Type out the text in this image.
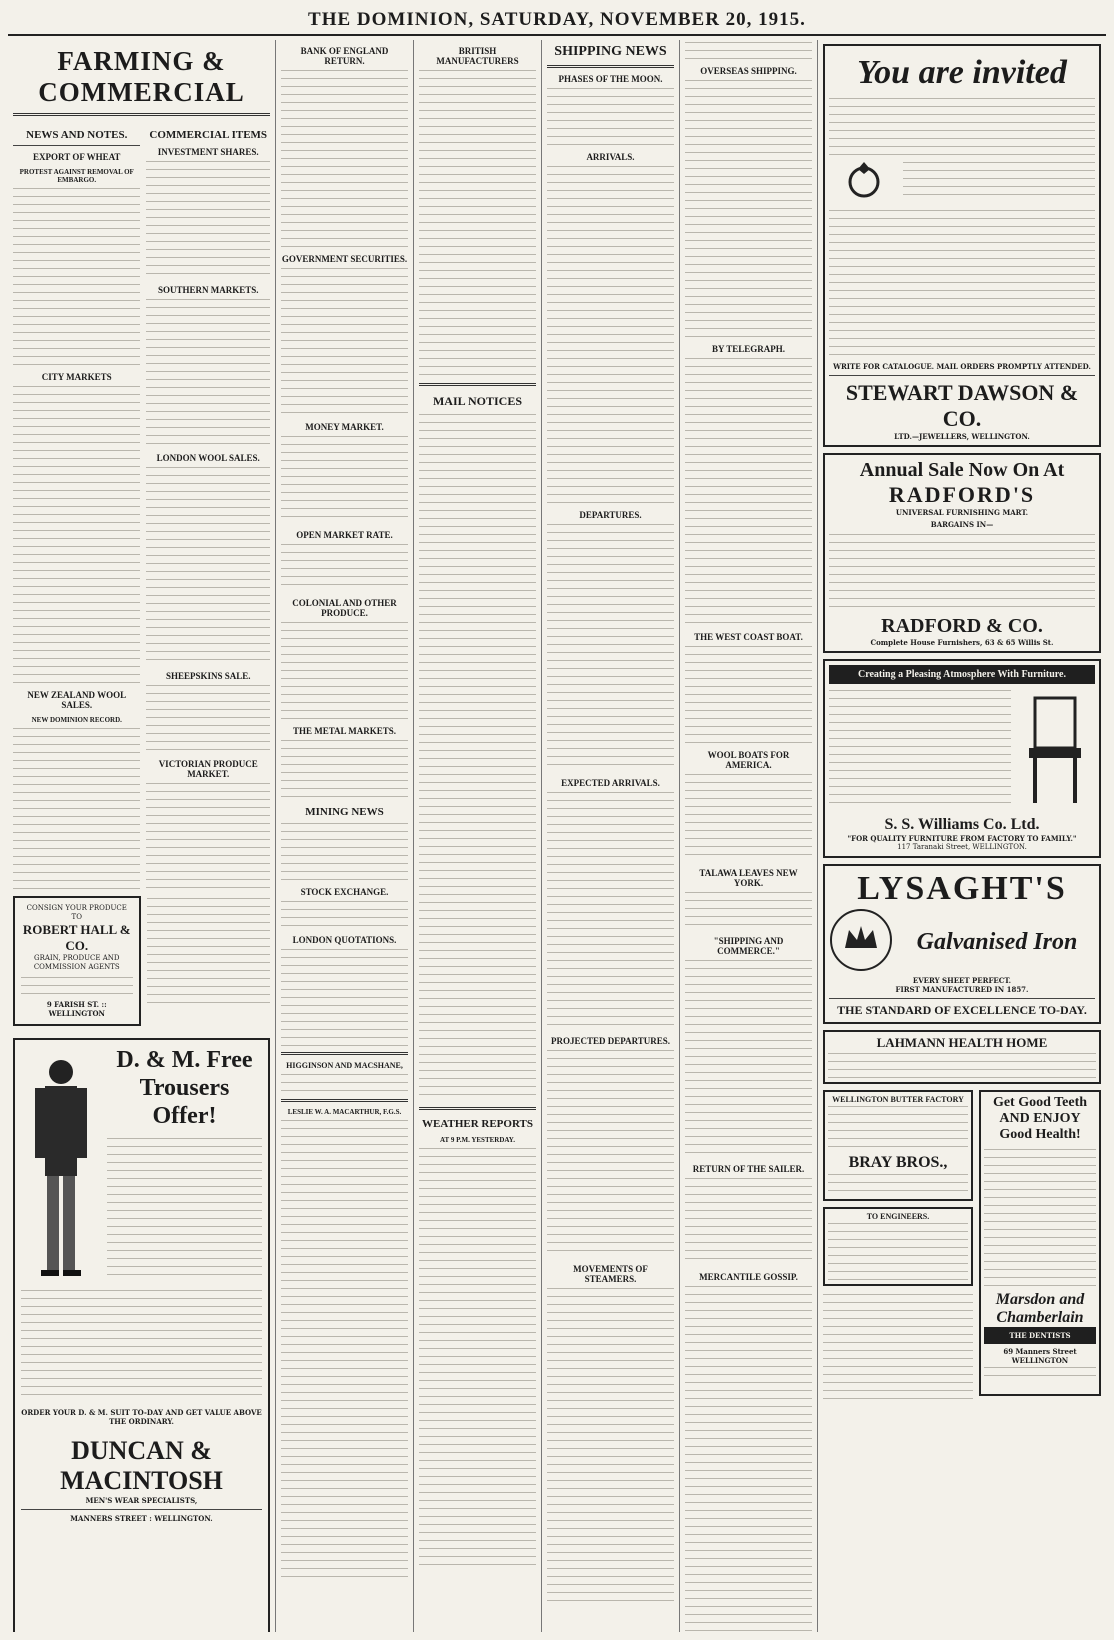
THE DOMINION, SATURDAY, NOVEMBER 20, 1915.
FARMING & COMMERCIAL
NEWS AND NOTES.
EXPORT OF WHEAT
PROTEST AGAINST REMOVAL OF EMBARGO.
CITY MARKETS
NEW ZEALAND WOOL SALES.
NEW DOMINION RECORD.
COMMERCIAL ITEMS
INVESTMENT SHARES.
SOUTHERN MARKETS.
LONDON WOOL SALES.
SHEEPSKINS SALE.
VICTORIAN PRODUCE MARKET.
CONSIGN YOUR PRODUCE TO
ROBERT HALL & CO.
GRAIN, PRODUCE AND COMMISSION AGENTS
9 FARISH ST. :: WELLINGTON
D. & M. Free Trousers Offer!
ORDER YOUR D. & M. SUIT TO-DAY AND GET VALUE ABOVE THE ORDINARY.
DUNCAN & MACINTOSH
MEN'S WEAR SPECIALISTS,
MANNERS STREET : WELLINGTON.
BANK OF ENGLAND RETURN.
GOVERNMENT SECURITIES.
MONEY MARKET.
OPEN MARKET RATE.
COLONIAL AND OTHER PRODUCE.
THE METAL MARKETS.
MINING NEWS
STOCK EXCHANGE.
LONDON QUOTATIONS.
HIGGINSON AND MACSHANE,
LESLIE W. A. MACARTHUR, F.G.S.
BRITISH MANUFACTURERS
MAIL NOTICES
WEATHER REPORTS
AT 9 P.M. YESTERDAY.
SHIPPING NEWS
PHASES OF THE MOON.
ARRIVALS.
DEPARTURES.
EXPECTED ARRIVALS.
PROJECTED DEPARTURES.
MOVEMENTS OF STEAMERS.
OVERSEAS SHIPPING.
BY TELEGRAPH.
THE WEST COAST BOAT.
WOOL BOATS FOR AMERICA.
TALAWA LEAVES NEW YORK.
"SHIPPING AND COMMERCE."
RETURN OF THE SAILER.
MERCANTILE GOSSIP.
You are invited
WRITE FOR CATALOGUE. MAIL ORDERS PROMPTLY ATTENDED.
STEWART DAWSON & CO.
LTD.—JEWELLERS, WELLINGTON.
Annual Sale Now On At
RADFORD'S
UNIVERSAL FURNISHING MART.
BARGAINS IN—
RADFORD & CO.
Complete House Furnishers, 63 & 65 Willis St.
Creating a Pleasing Atmosphere With Furniture.
S. S. Williams Co. Ltd.
"FOR QUALITY FURNITURE FROM FACTORY TO FAMILY."
117 Taranaki Street, WELLINGTON.
LYSAGHT'S
Galvanised Iron
EVERY SHEET PERFECT.
FIRST MANUFACTURED IN 1857.
THE STANDARD OF EXCELLENCE TO-DAY.
LAHMANN HEALTH HOME
WELLINGTON BUTTER FACTORY
BRAY BROS.,
TO ENGINEERS.
Get Good Teeth AND ENJOY Good Health!
Marsdon and Chamberlain
THE DENTISTS
69 Manners Street WELLINGTON
